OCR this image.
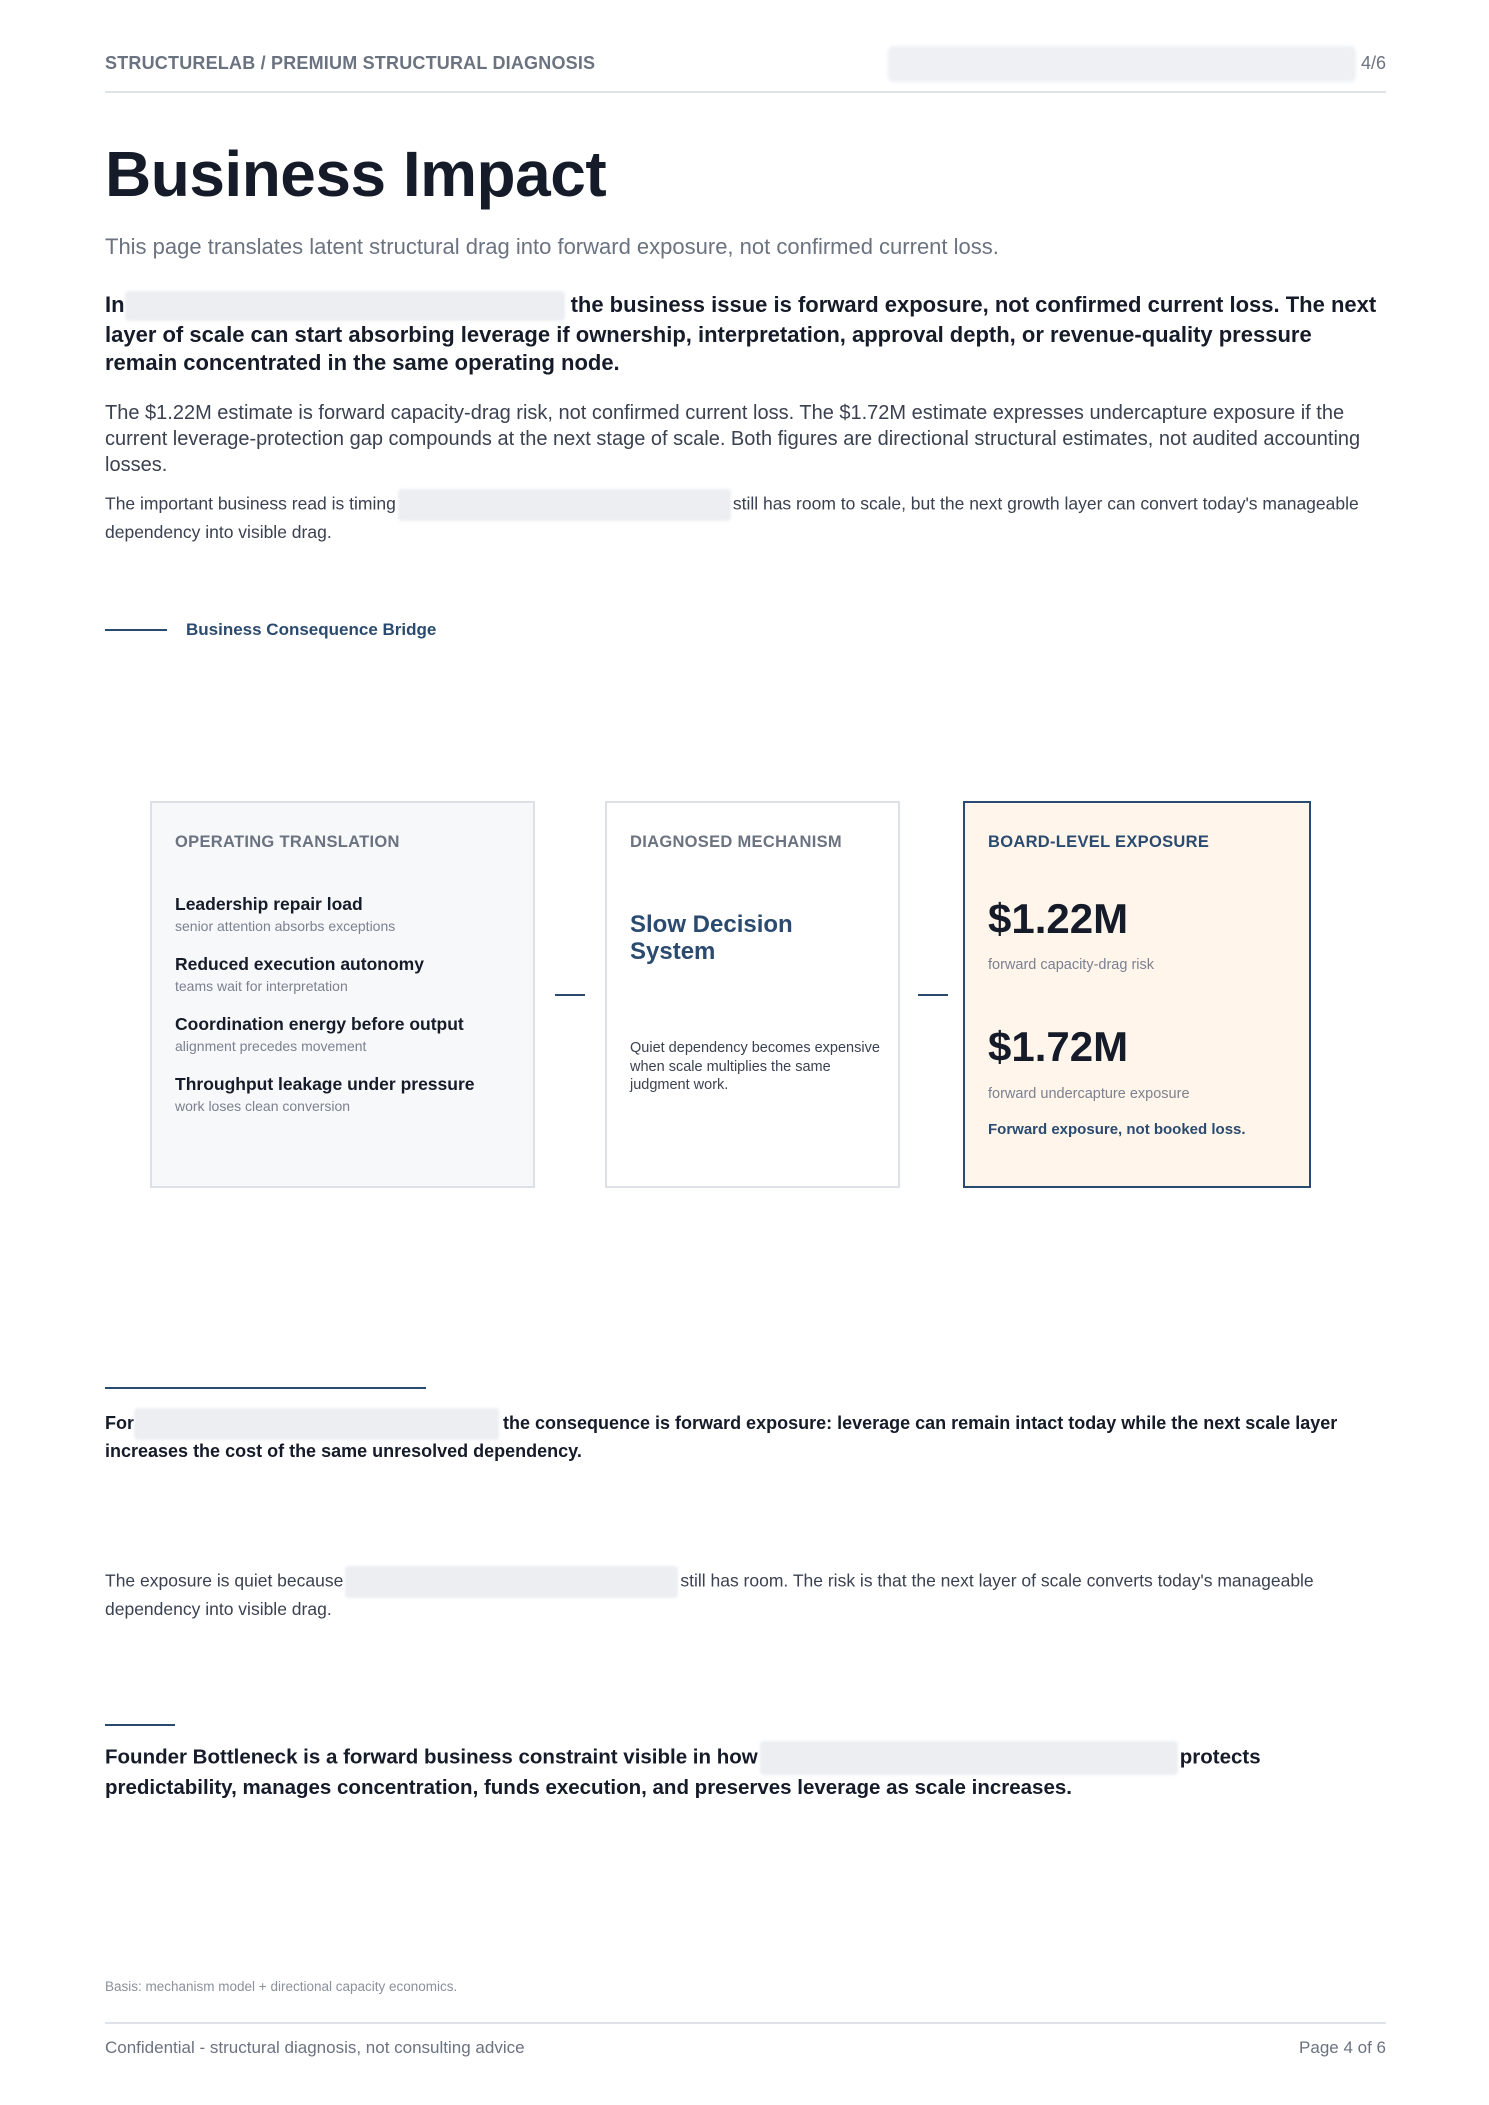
STRUCTURELAB / PREMIUM STRUCTURAL DIAGNOSIS	4/6
Business Impact
This page translates latent structural drag into forward exposure, not confirmed current loss.

In	the business issue is forward exposure, not confirmed current loss. The next layer of scale can start absorbing leverage if ownership, interpretation, approval depth, or revenue-quality pressure remain concentrated in the same operating node.

The $1.22M estimate is forward capacity-drag risk, not confirmed current loss. The $1.72M estimate expresses undercapture exposure if the current leverage-protection gap compounds at the next stage of scale. Both figures are directional structural estimates, not audited accounting losses.

The important business read is timing	still has room to scale, but the next growth layer can convert today's manageable dependency into visible drag.

Business Consequence Bridge
OPERATING TRANSLATION
Leadership repair load
senior attention absorbs exceptions
Reduced execution autonomy
teams wait for interpretation
Coordination energy before output
alignment precedes movement
Throughput leakage under pressure
work loses clean conversion
DIAGNOSED MECHANISM
Slow Decision System
Quiet dependency becomes expensive when scale multiplies the same judgment work.
BOARD-LEVEL EXPOSURE
$1.22M
forward capacity-drag risk
$1.72M
forward undercapture exposure
Forward exposure, not booked loss.

For	the consequence is forward exposure: leverage can remain intact today while the next scale layer increases the cost of the same unresolved dependency.

The exposure is quiet because	still has room. The risk is that the next layer of scale converts today's manageable dependency into visible drag.

Founder Bottleneck is a forward business constraint visible in how	protects predictability, manages concentration, funds execution, and preserves leverage as scale increases.

Basis: mechanism model + directional capacity economics.
Confidential - structural diagnosis, not consulting advice	Page 4 of 6
